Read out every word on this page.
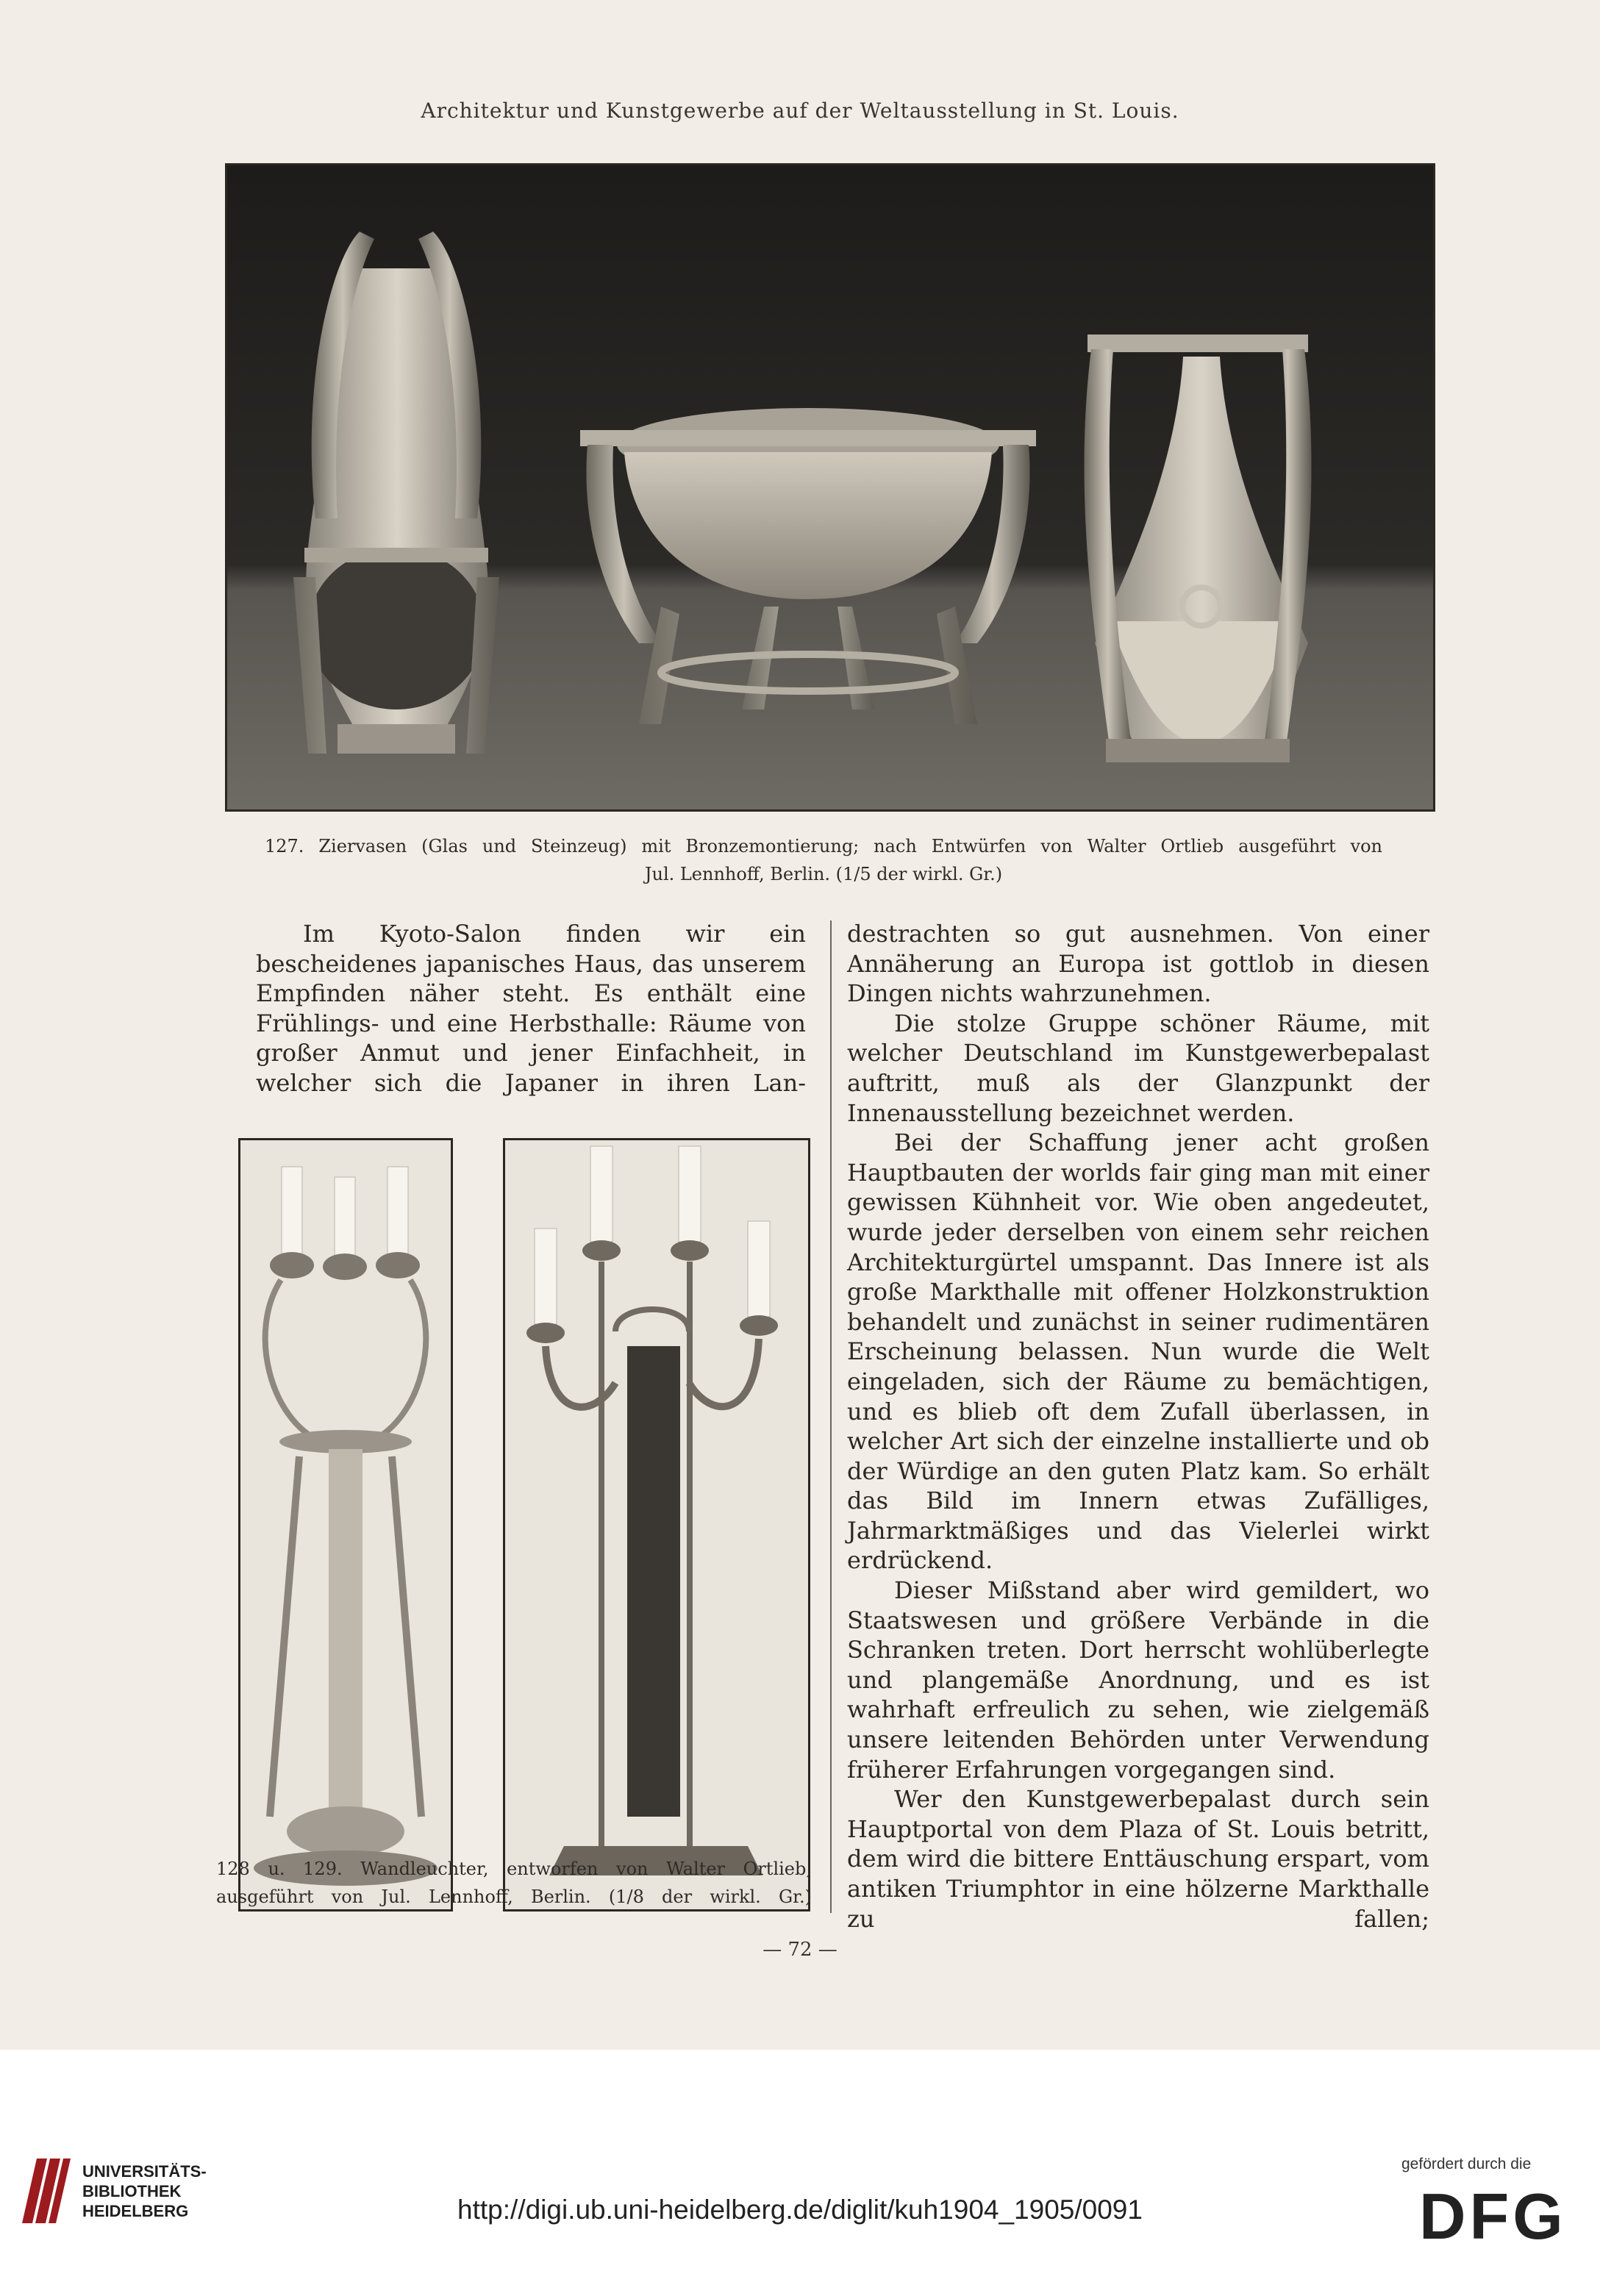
Architektur und Kunstgewerbe auf der Weltausstellung in St. Louis.

127. Ziervasen (Glas und Steinzeug) mit Bronzemontierung; nach Entwürfen von Walter Ortlieb ausgeführt von

Jul. Lennhoff, Berlin. (1/5 der wirkl. Gr.)

Im Kyoto-Salon finden wir ein bescheidenes japanisches Haus, das unserem Empfinden näher steht. Es enthält eine Frühlings- und eine Herbsthalle: Räume von großer Anmut und jener Einfachheit, in welcher sich die Japaner in ihren Lan-

128 u. 129. Wandleuchter, entworfen von Walter Ortlieb,

ausgeführt von Jul. Lennhoff, Berlin. (1/8 der wirkl. Gr.)

destrachten so gut ausnehmen. Von einer Annäherung an Europa ist gottlob in diesen Dingen nichts wahrzunehmen.

Die stolze Gruppe schöner Räume, mit welcher Deutschland im Kunstgewerbepalast auftritt, muß als der Glanzpunkt der Innenausstellung bezeichnet werden.

Bei der Schaffung jener acht großen Hauptbauten der worlds fair ging man mit einer gewissen Kühnheit vor. Wie oben angedeutet, wurde jeder derselben von einem sehr reichen Architekturgürtel umspannt. Das Innere ist als große Markthalle mit offener Holzkonstruktion behandelt und zunächst in seiner rudimentären Erscheinung belassen. Nun wurde die Welt eingeladen, sich der Räume zu bemächtigen, und es blieb oft dem Zufall überlassen, in welcher Art sich der einzelne installierte und ob der Würdige an den guten Platz kam. So erhält das Bild im Innern etwas Zufälliges, Jahrmarktmäßiges und das Vielerlei wirkt erdrückend.

Dieser Mißstand aber wird gemildert, wo Staatswesen und größere Verbände in die Schranken treten. Dort herrscht wohlüberlegte und plangemäße Anordnung, und es ist wahrhaft erfreulich zu sehen, wie zielgemäß unsere leitenden Behörden unter Verwendung früherer Erfahrungen vorgegangen sind.

Wer den Kunstgewerbepalast durch sein Hauptportal von dem Plaza of St. Louis betritt, dem wird die bittere Enttäuschung erspart, vom antiken Triumphtor in eine hölzerne Markthalle zu fallen;

— 72 —
UNIVERSITÄTS-
BIBLIOTHEK
HEIDELBERG	http://digi.ub.uni-heidelberg.de/diglit/kuh1904_1905/0091
gefördert durch die
DFG
